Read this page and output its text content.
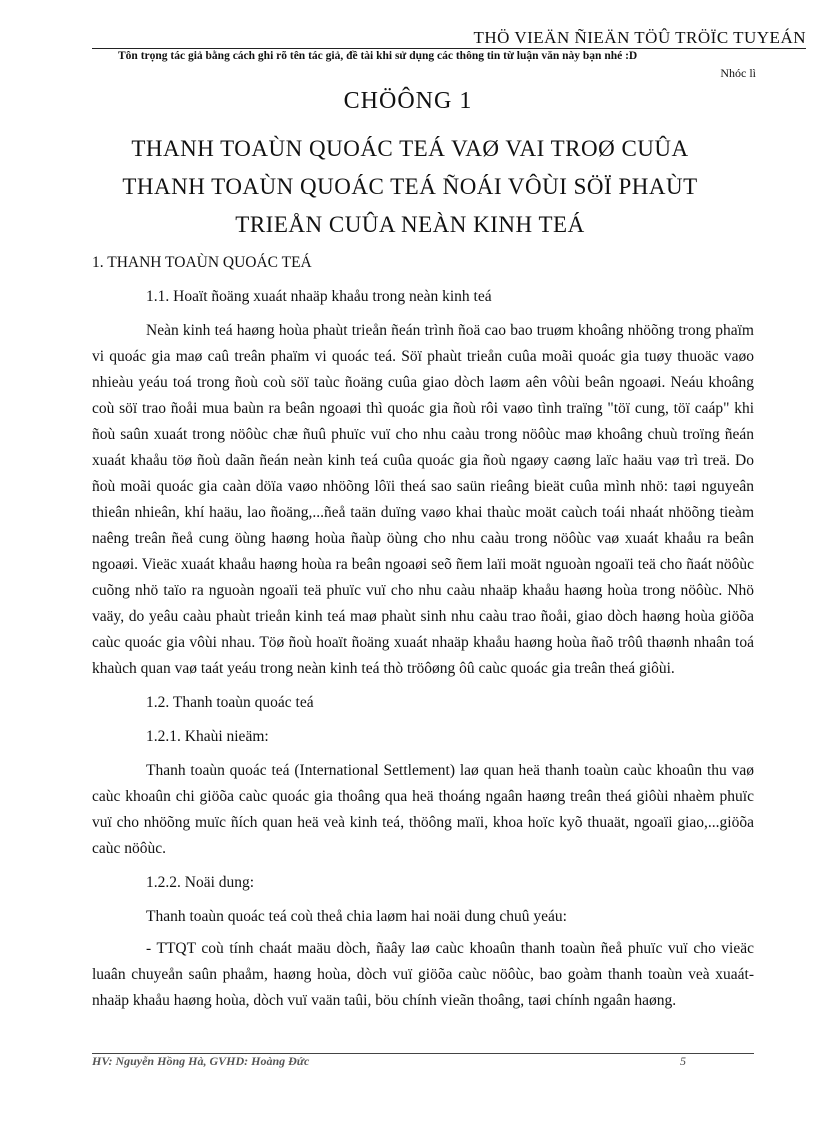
THÖ VIEÄN ÑIEÄN TÖÛ TRÖÏC TUYEÁN
Tôn trọng tác giả bằng cách ghi rõ tên tác giả, đề tài khi sử dụng các thông tin từ luận văn này bạn nhé :D
Nhóc lì
CHÖÔNG 1
THANH TOAÙN QUOÁC TEÁ VAØ VAI TROØ CUÛA THANH TOAÙN QUOÁC TEÁ ÑOÁI VÔÙI SÖÏ PHAÙT TRIEÅN CUÛA NEÀN KINH TEÁ

1. THANH TOAÙN QUOÁC TEÁ

1.1. Hoaït ñoäng xuaát nhaäp khaåu trong neàn kinh teá

Neàn kinh teá haøng hoùa phaùt trieån ñeán trình ñoä cao bao truøm khoâng nhöõng trong phaïm vi quoác gia maø caû treân phaïm vi quoác teá. Söï phaùt trieån cuûa moãi quoác gia tuøy thuoäc vaøo nhieàu yeáu toá trong ñoù coù söï taùc ñoäng cuûa giao dòch laøm aên vôùi beân ngoaøi. Neáu khoâng coù söï trao ñoåi mua baùn ra beân ngoaøi thì quoác gia ñoù rôi vaøo tình traïng "töï cung, töï caáp" khi ñoù saûn xuaát trong nöôùc chæ ñuû phuïc vuï cho nhu caàu trong nöôùc maø khoâng chuù troïng ñeán xuaát khaåu töø ñoù daãn ñeán neàn kinh teá cuûa quoác gia ñoù ngaøy caøng laïc haäu vaø trì treä. Do ñoù moãi quoác gia caàn döïa vaøo nhöõng lôïi theá sao saün rieâng bieät cuûa mình nhö: taøi nguyeân thieân nhieân, khí haäu, lao ñoäng,...ñeå taän duïng vaøo khai thaùc moät caùch toái nhaát nhöõng tieàm naêng treân ñeå cung öùng haøng hoùa ñaùp öùng cho nhu caàu trong nöôùc vaø xuaát khaåu ra beân ngoaøi. Vieäc xuaát khaåu haøng hoùa ra beân ngoaøi seõ ñem laïi moät nguoàn ngoaïi teä cho ñaát nöôùc cuõng nhö taïo ra nguoàn ngoaïi teä phuïc vuï cho nhu caàu nhaäp khaåu haøng hoùa trong nöôùc. Nhö vaäy, do yeâu caàu phaùt trieån kinh teá maø phaùt sinh nhu caàu trao ñoåi, giao dòch haøng hoùa giöõa caùc quoác gia vôùi nhau. Töø ñoù hoaït ñoäng xuaát nhaäp khaåu haøng hoùa ñaõ trôû thaønh nhaân toá khaùch quan vaø taát yeáu trong neàn kinh teá thò tröôøng ôû caùc quoác gia treân theá giôùi.

1.2. Thanh toaùn quoác teá

1.2.1. Khaùi nieäm:

Thanh toaùn quoác teá (International Settlement) laø quan heä thanh toaùn caùc khoaûn thu vaø caùc khoaûn chi giöõa caùc quoác gia thoâng qua heä thoáng ngaân haøng treân theá giôùi nhaèm phuïc vuï cho nhöõng muïc ñích quan heä veà kinh teá, thöông maïi, khoa hoïc kyõ thuaät, ngoaïi giao,...giöõa caùc nöôùc.

1.2.2. Noäi dung:

Thanh toaùn quoác teá coù theå chia laøm hai noäi dung chuû yeáu:

- TTQT coù tính chaát maäu dòch, ñaây laø caùc khoaûn thanh toaùn ñeå phuïc vuï cho vieäc luaân chuyeån saûn phaåm, haøng hoùa, dòch vuï giöõa caùc nöôùc, bao goàm thanh toaùn veà xuaát-nhaäp khaåu haøng hoùa, dòch vuï vaän taûi, böu chính vieãn thoâng, taøi chính ngaân haøng.

HV: Nguyễn Hồng Hà, GVHD: Hoàng Đức	5
